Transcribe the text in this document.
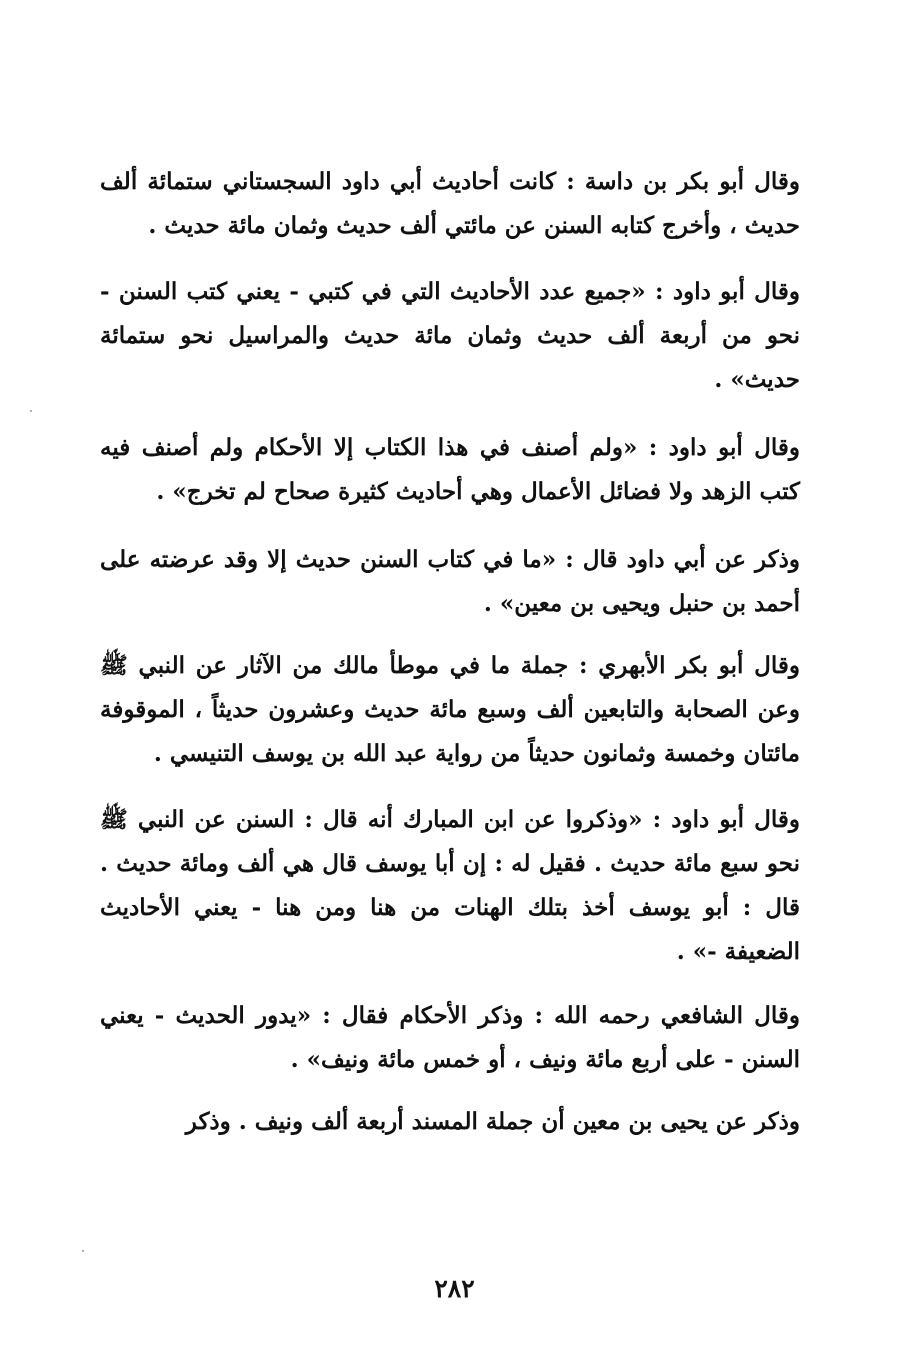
وقال أبو بكر بن داسة : كانت أحاديث أبي داود السجستاني ستمائة ألف حديث ، وأخرج كتابه السنن عن مائتي ألف حديث وثمان مائة حديث .

وقال أبو داود : «جميع عدد الأحاديث التي في كتبي - يعني كتب السنن - نحو من أربعة ألف حديث وثمان مائة حديث والمراسيل نحو ستمائة حديث» .

وقال أبو داود : «ولم أصنف في هذا الكتاب إلا الأحكام ولم أصنف فيه كتب الزهد ولا فضائل الأعمال وهي أحاديث كثيرة صحاح لم تخرج» .

وذكر عن أبي داود قال : «ما في كتاب السنن حديث إلا وقد عرضته على أحمد بن حنبل ويحيى بن معين» .

وقال أبو بكر الأبهري : جملة ما في موطأ مالك من الآثار عن النبي ﷺ وعن الصحابة والتابعين ألف وسبع مائة حديث وعشرون حديثاً ، الموقوفة مائتان وخمسة وثمانون حديثاً من رواية عبد الله بن يوسف التنيسي .

وقال أبو داود : «وذكروا عن ابن المبارك أنه قال : السنن عن النبي ﷺ نحو سبع مائة حديث . فقيل له : إن أبا يوسف قال هي ألف ومائة حديث . قال : أبو يوسف أخذ بتلك الهنات من هنا ومن هنا - يعني الأحاديث الضعيفة -» .

وقال الشافعي رحمه الله : وذكر الأحكام فقال : «يدور الحديث - يعني السنن - على أربع مائة ونيف ، أو خمس مائة ونيف» .

وذكر عن يحيى بن معين أن جملة المسند أربعة ألف ونيف . وذكر

٢٨٢
